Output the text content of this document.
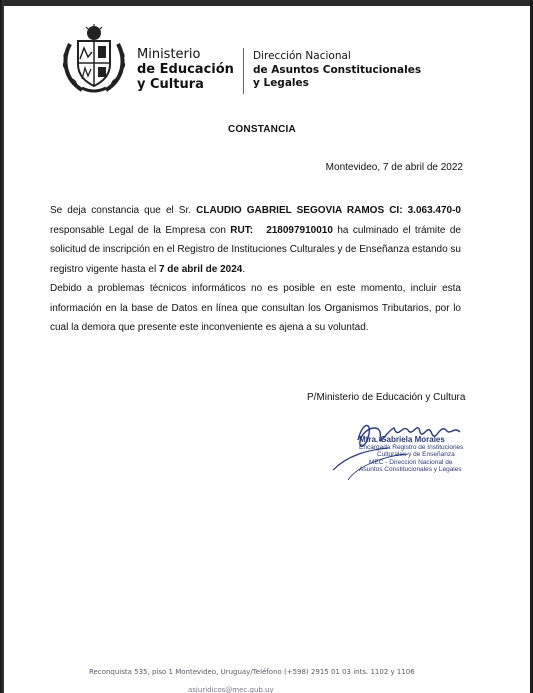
Ministerio
de Educación
y Cultura
Dirección Nacional
de Asuntos Constitucionales
y Legales
CONSTANCIA
Montevideo, 7 de abril de 2022
Se deja constancia que el Sr. CLAUDIO GABRIEL SEGOVIA RAMOS CI: 3.063.470-0 responsable Legal de la Empresa con RUT: 218097910010 ha culminado el trámite de solicitud de inscripción en el Registro de Instituciones Culturales y de Enseñanza estando su registro vigente hasta el 7 de abril de 2024.
Debido a problemas técnicos informáticos no es posible en este momento, incluir esta información en la base de Datos en línea que consultan los Organismos Tributarios, por lo cual la demora que presente este inconveniente es ajena a su voluntad.
P/Ministerio de Educación y Cultura
Mtra. Gabriela Morales
Encargada Registro de Instituciones
Culturales y de Enseñanza
MEC - Dirección Nacional de
Asuntos Constitucionales y Legales
Reconquista 535, piso 1 Montevideo, Uruguay/Teléfono (+598) 2915 01 03 ints. 1102 y 1106
asjuridicos@mec.gub.uy
